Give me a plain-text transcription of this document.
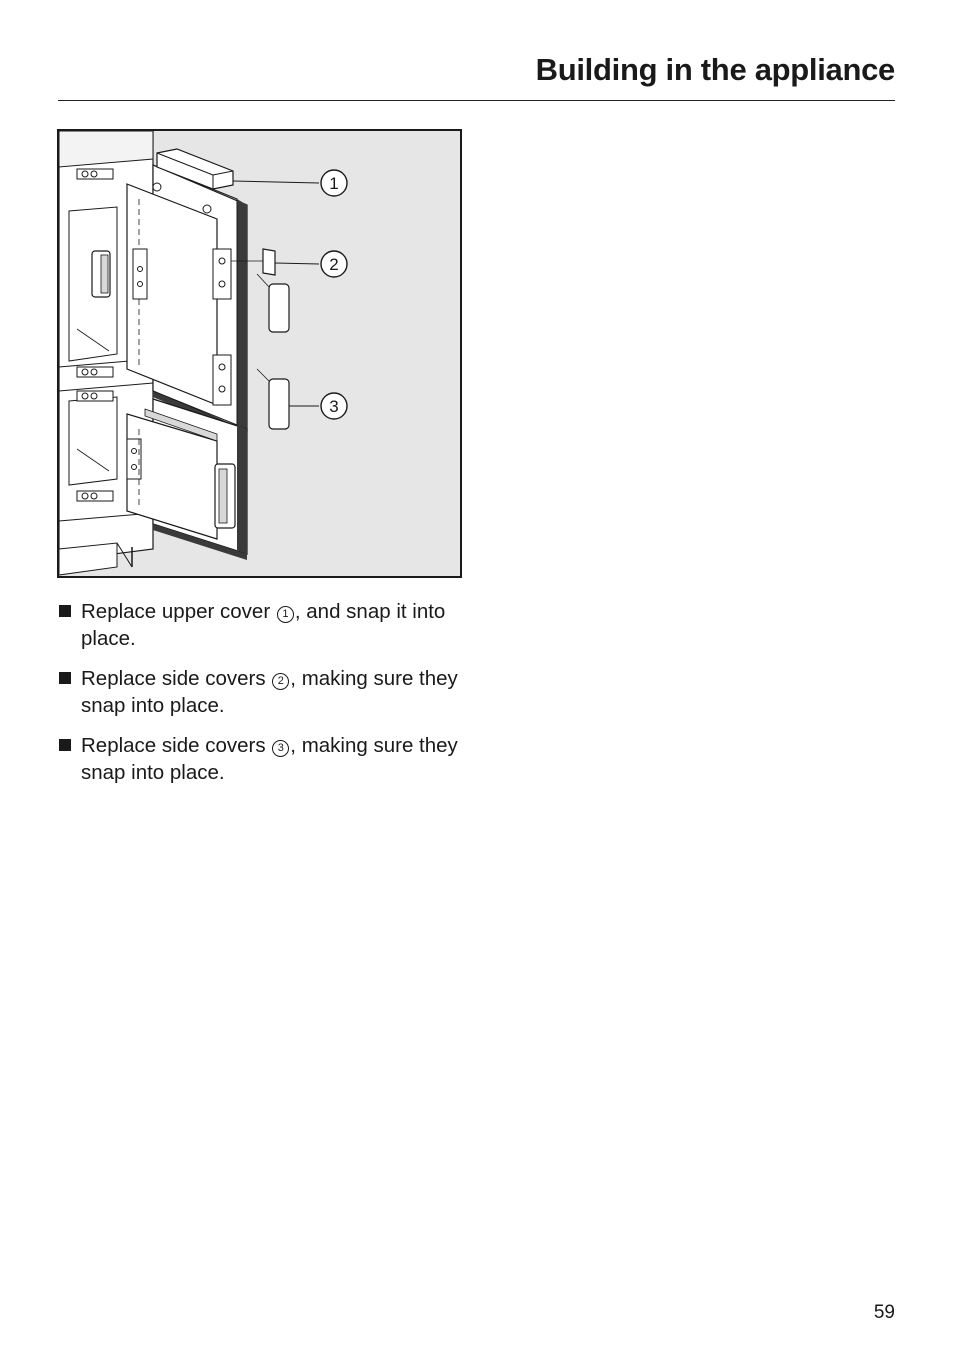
Building in the appliance
1
2
3
Replace upper cover 1 , and snap it into place.
Replace side covers 2 , making sure they snap into place.
Replace side covers 3 , making sure they snap into place.
59
